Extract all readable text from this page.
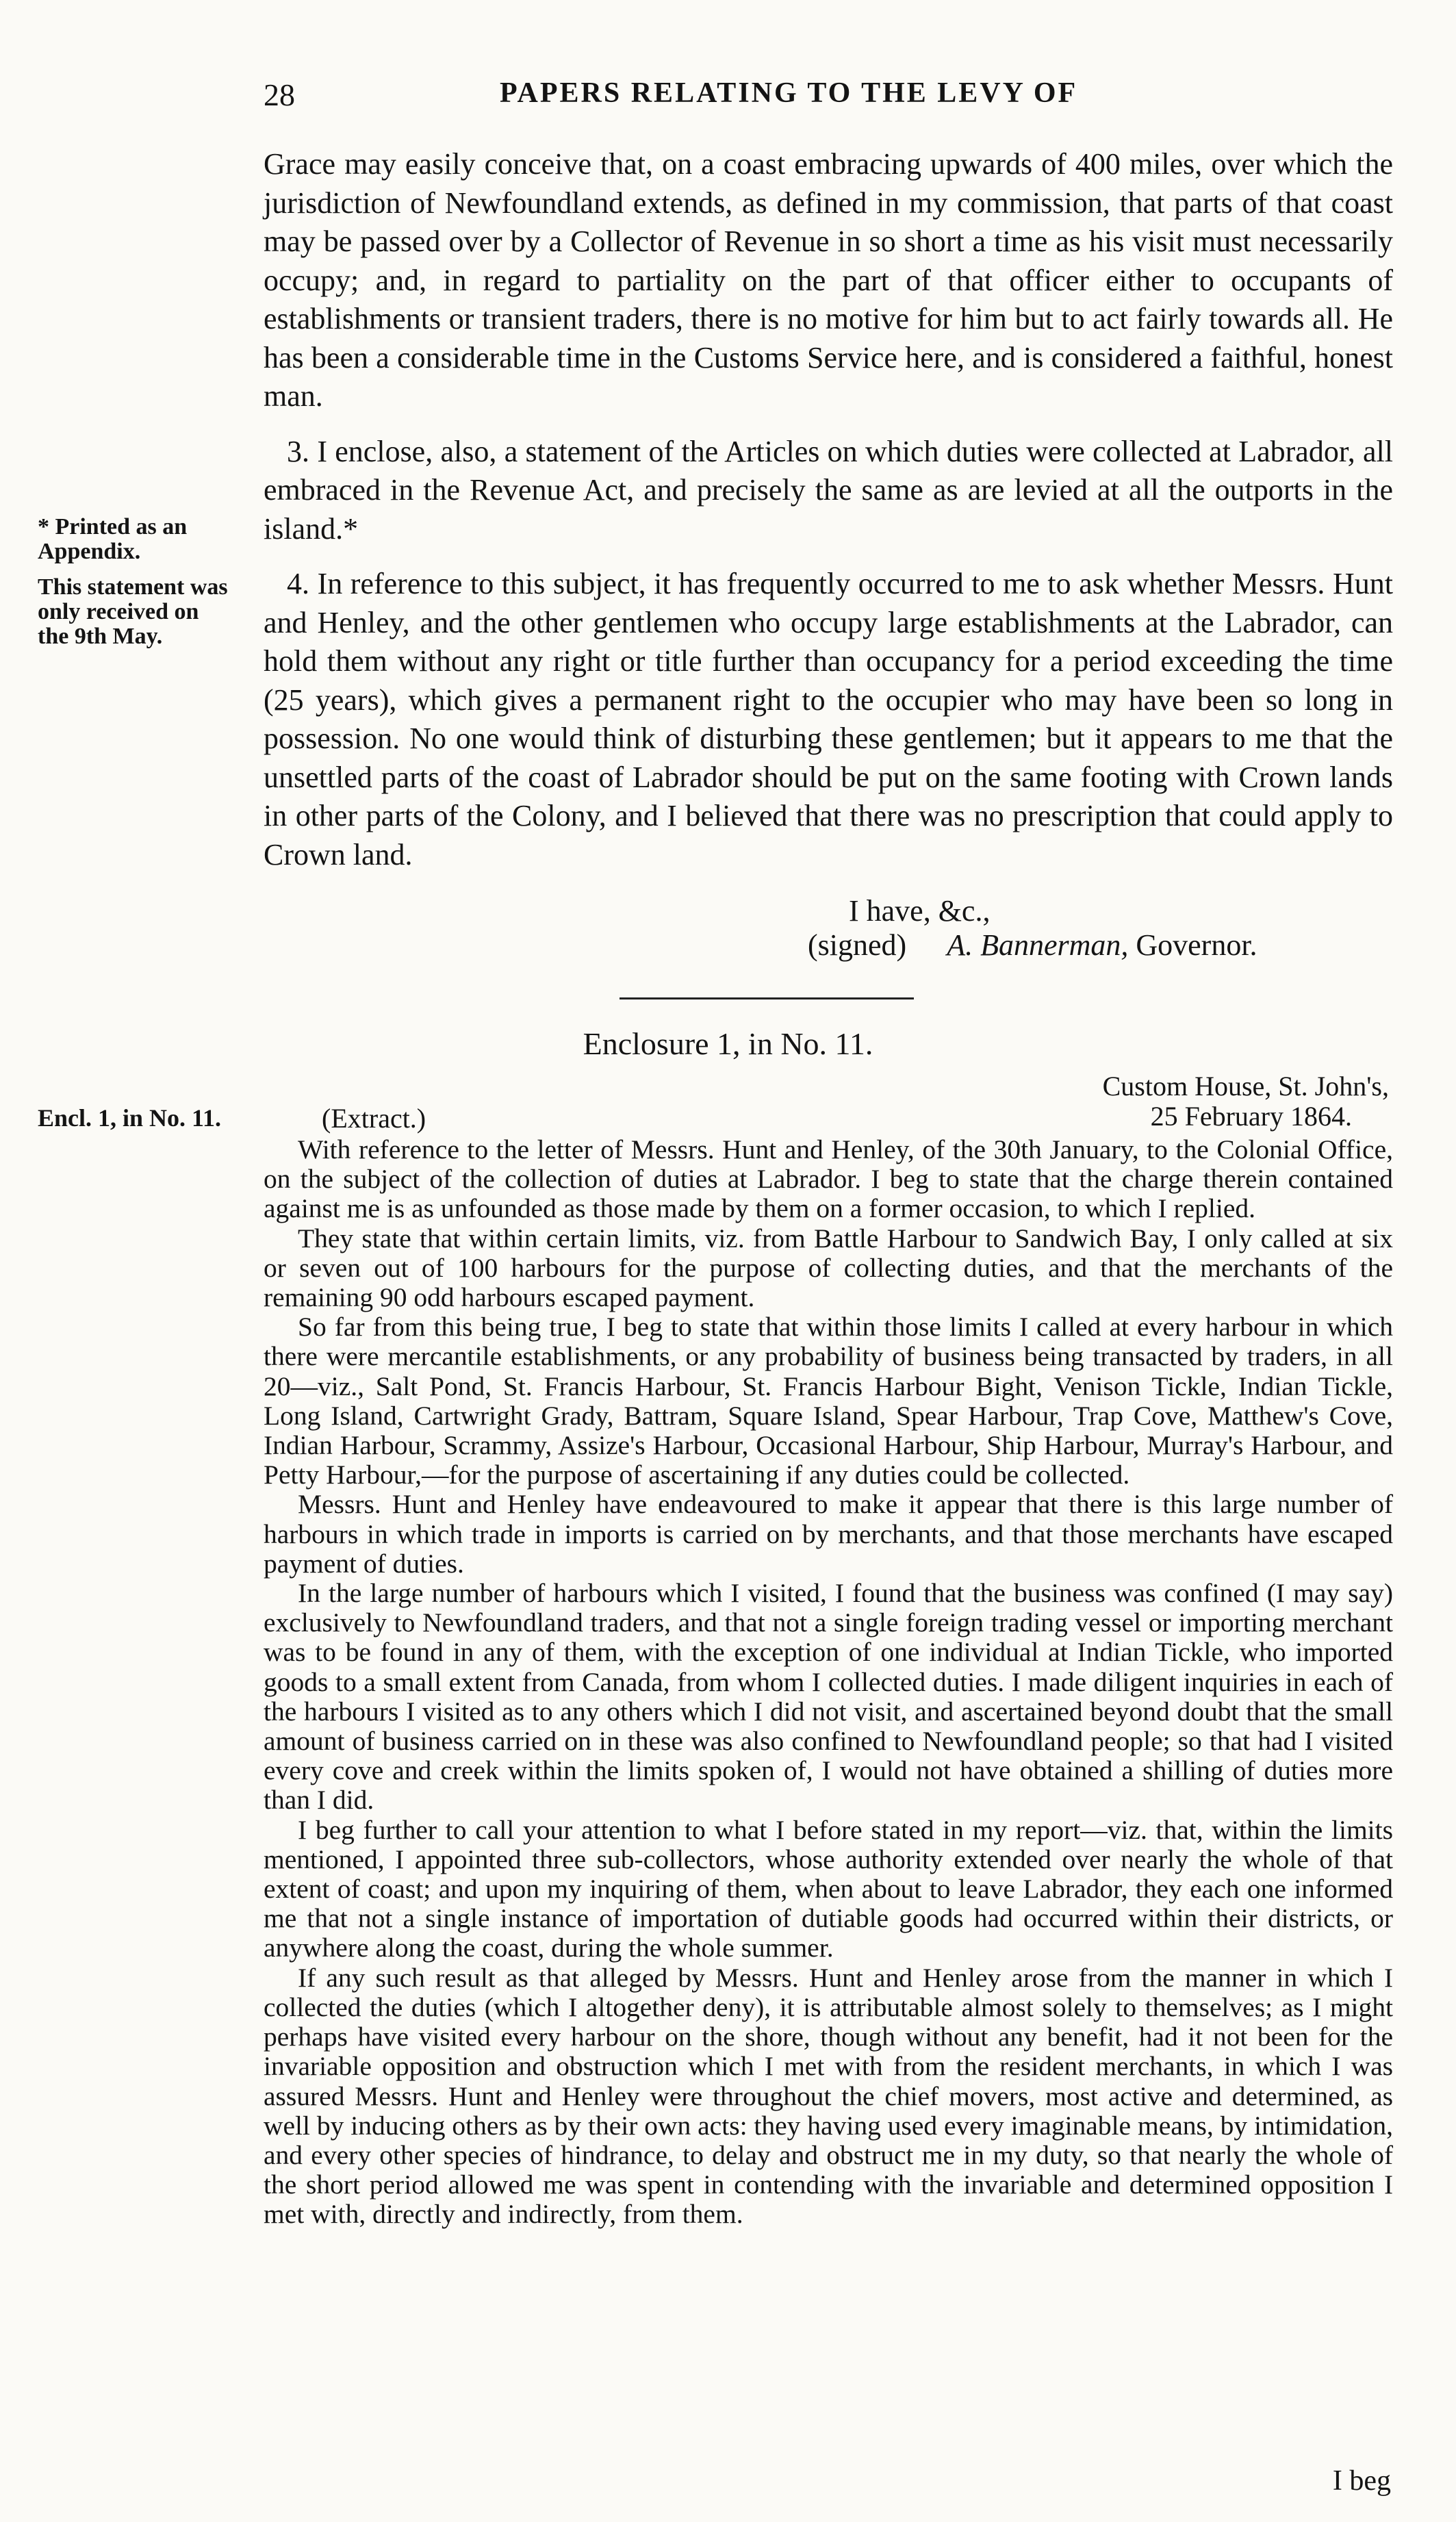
28	PAPERS RELATING TO THE LEVY OF

Grace may easily conceive that, on a coast embracing upwards of 400 miles, over which the jurisdiction of Newfoundland extends, as defined in my commission, that parts of that coast may be passed over by a Collector of Revenue in so short a time as his visit must necessarily occupy; and, in regard to partiality on the part of that officer either to occupants of establishments or transient traders, there is no motive for him but to act fairly towards all. He has been a considerable time in the Customs Service here, and is considered a faithful, honest man.

3. I enclose, also, a statement of the Articles on which duties were collected at Labrador, all embraced in the Revenue Act, and precisely the same as are levied at all the outports in the island.*

4. In reference to this subject, it has frequently occurred to me to ask whether Messrs. Hunt and Henley, and the other gentlemen who occupy large establishments at the Labrador, can hold them without any right or title further than occupancy for a period exceeding the time (25 years), which gives a permanent right to the occupier who may have been so long in possession. No one would think of disturbing these gentlemen; but it appears to me that the unsettled parts of the coast of Labrador should be put on the same footing with Crown lands in other parts of the Colony, and I believed that there was no prescription that could apply to Crown land.

* Printed as an
Appendix.
This statement was
only received on
the 9th May.
I have, &c.,
(signed) A. Bannerman, Governor.
Enclosure 1, in No. 11.
Custom House, St. John's,
25 February 1864.
Encl. 1, in No. 11.	(Extract.)

With reference to the letter of Messrs. Hunt and Henley, of the 30th January, to the Colonial Office, on the subject of the collection of duties at Labrador. I beg to state that the charge therein contained against me is as unfounded as those made by them on a former occasion, to which I replied.

They state that within certain limits, viz. from Battle Harbour to Sandwich Bay, I only called at six or seven out of 100 harbours for the purpose of collecting duties, and that the merchants of the remaining 90 odd harbours escaped payment.

So far from this being true, I beg to state that within those limits I called at every harbour in which there were mercantile establishments, or any probability of business being transacted by traders, in all 20—viz., Salt Pond, St. Francis Harbour, St. Francis Harbour Bight, Venison Tickle, Indian Tickle, Long Island, Cartwright Grady, Battram, Square Island, Spear Harbour, Trap Cove, Matthew's Cove, Indian Harbour, Scrammy, Assize's Harbour, Occasional Harbour, Ship Harbour, Murray's Harbour, and Petty Harbour,—for the purpose of ascertaining if any duties could be collected.

Messrs. Hunt and Henley have endeavoured to make it appear that there is this large number of harbours in which trade in imports is carried on by merchants, and that those merchants have escaped payment of duties.

In the large number of harbours which I visited, I found that the business was confined (I may say) exclusively to Newfoundland traders, and that not a single foreign trading vessel or importing merchant was to be found in any of them, with the exception of one individual at Indian Tickle, who imported goods to a small extent from Canada, from whom I collected duties. I made diligent inquiries in each of the harbours I visited as to any others which I did not visit, and ascertained beyond doubt that the small amount of business carried on in these was also confined to Newfoundland people; so that had I visited every cove and creek within the limits spoken of, I would not have obtained a shilling of duties more than I did.

I beg further to call your attention to what I before stated in my report—viz. that, within the limits mentioned, I appointed three sub-collectors, whose authority extended over nearly the whole of that extent of coast; and upon my inquiring of them, when about to leave Labrador, they each one informed me that not a single instance of importation of dutiable goods had occurred within their districts, or anywhere along the coast, during the whole summer.

If any such result as that alleged by Messrs. Hunt and Henley arose from the manner in which I collected the duties (which I altogether deny), it is attributable almost solely to themselves; as I might perhaps have visited every harbour on the shore, though without any benefit, had it not been for the invariable opposition and obstruction which I met with from the resident merchants, in which I was assured Messrs. Hunt and Henley were throughout the chief movers, most active and determined, as well by inducing others as by their own acts: they having used every imaginable means, by intimidation, and every other species of hindrance, to delay and obstruct me in my duty, so that nearly the whole of the short period allowed me was spent in contending with the invariable and determined opposition I met with, directly and indirectly, from them.

I beg
